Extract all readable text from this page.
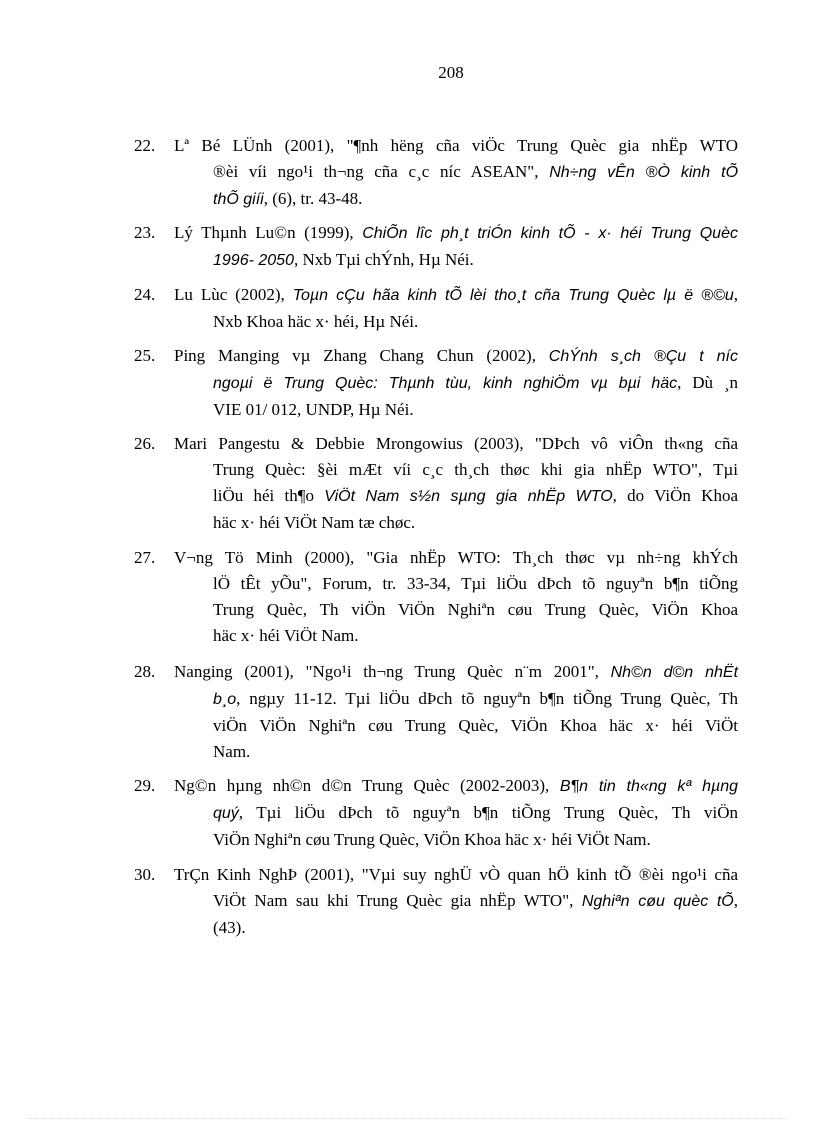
208
22. Lª Bé LÜnh (2001), "¶nh hëng cña viÖc Trung Quèc gia nhËp WTO
®èi víi ngo¹i th¬ng cña c¸c níc ASEAN", Nh÷ng vÊn ®Ò kinh tÕ
thÕ giíi, (6), tr. 43-48.
23. Lý Thµnh Lu©n (1999), ChiÕn lîc ph¸t triÓn kinh tÕ - x· héi Trung Quèc
1996- 2050, Nxb Tµi chÝnh, Hµ Néi.
24. Lu Lùc (2002), Toµn cÇu hãa kinh tÕ lèi tho¸t cña Trung Quèc lµ ë ®©u,
Nxb Khoa häc x· héi, Hµ Néi.
25. Ping Manging vµ Zhang Chang Chun (2002), ChÝnh s¸ch ®Çu t níc
ngoµi ë Trung Quèc: Thµnh tùu, kinh nghiÖm vµ bµi häc, Dù ¸n
VIE 01/ 012, UNDP, Hµ Néi.
26. Mari Pangestu & Debbie Mrongowius (2003), "DÞch vô viÔn th«ng cña
Trung Quèc: §èi mÆt víi c¸c th¸ch thøc khi gia nhËp WTO", Tµi
liÖu héi th¶o ViÖt Nam s½n sµng gia nhËp WTO, do ViÖn Khoa
häc x· héi ViÖt Nam tæ chøc.
27. V¬ng Tö Minh (2000), "Gia nhËp WTO: Th¸ch thøc vµ nh÷ng khÝch
lÖ tÊt yÕu", Forum, tr. 33-34, Tµi liÖu dÞch tõ nguyªn b¶n tiÕng
Trung Quèc, Th viÖn ViÖn Nghiªn cøu Trung Quèc, ViÖn Khoa
häc x· héi ViÖt Nam.
28. Nanging (2001), "Ngo¹i th¬ng Trung Quèc n¨m 2001", Nh©n d©n nhËt
b¸o, ngµy 11-12. Tµi liÖu dÞch tõ nguyªn b¶n tiÕng Trung Quèc, Th
viÖn ViÖn Nghiªn cøu Trung Quèc, ViÖn Khoa häc x· héi ViÖt
Nam.
29. Ng©n hµng nh©n d©n Trung Quèc (2002-2003), B¶n tin th«ng kª hµng
quý, Tµi liÖu dÞch tõ nguyªn b¶n tiÕng Trung Quèc, Th viÖn
ViÖn Nghiªn cøu Trung Quèc, ViÖn Khoa häc x· héi ViÖt Nam.
30. TrÇn Kinh NghÞ (2001), "Vµi suy nghÜ vÒ quan hÖ kinh tÕ ®èi ngo¹i cña
ViÖt Nam sau khi Trung Quèc gia nhËp WTO", Nghiªn cøu quèc tÕ,
(43).
